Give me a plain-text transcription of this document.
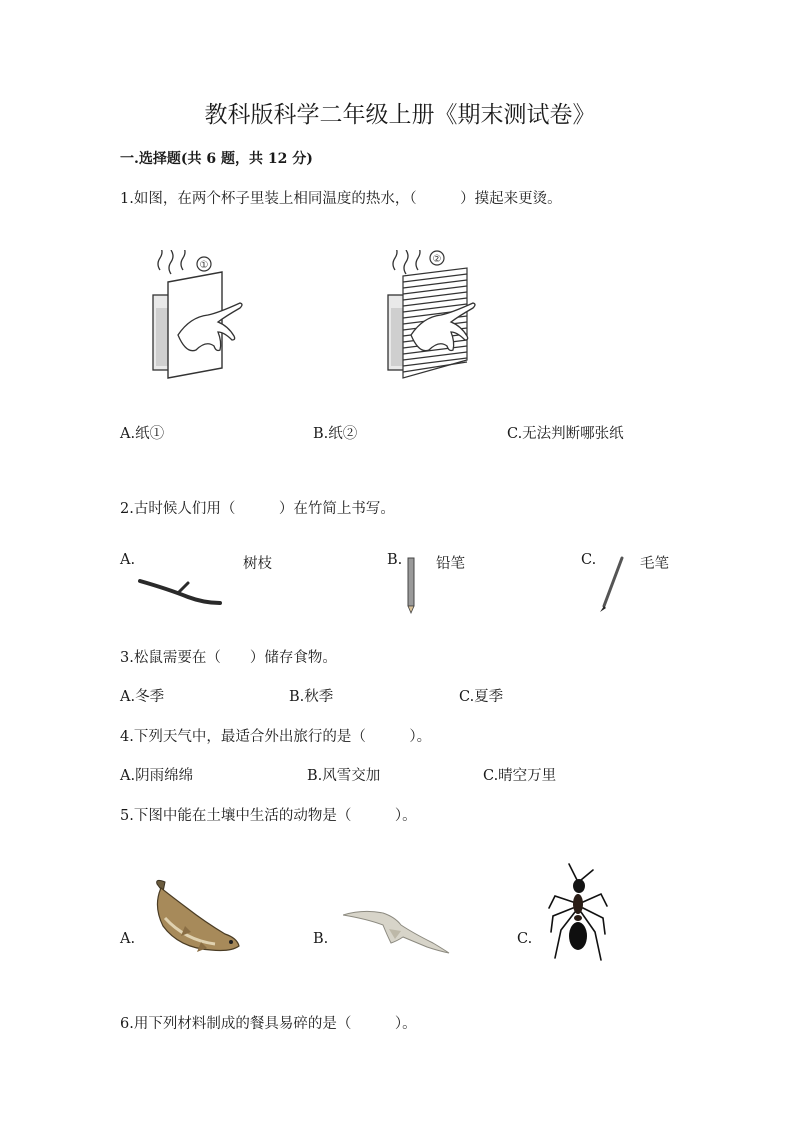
教科版科学二年级上册《期末测试卷》
一.选择题(共 6 题，共 12 分)
1.如图，在两个杯子里装上相同温度的热水，（　　　）摸起来更烫。
①
②
A.纸①	B.纸②	C.无法判断哪张纸
2.古时候人们用（　　　）在竹简上书写。
A.	树枝	B. 铅笔	C.	毛笔
3.松鼠需要在（　　）储存食物。
A.冬季	B.秋季	C.夏季
4.下列天气中，最适合外出旅行的是（　　　）。
A.阴雨绵绵	B.风雪交加	C.晴空万里
5.下图中能在土壤中生活的动物是（　　　）。
A.	B.	C.
6.用下列材料制成的餐具易碎的是（　　　）。
